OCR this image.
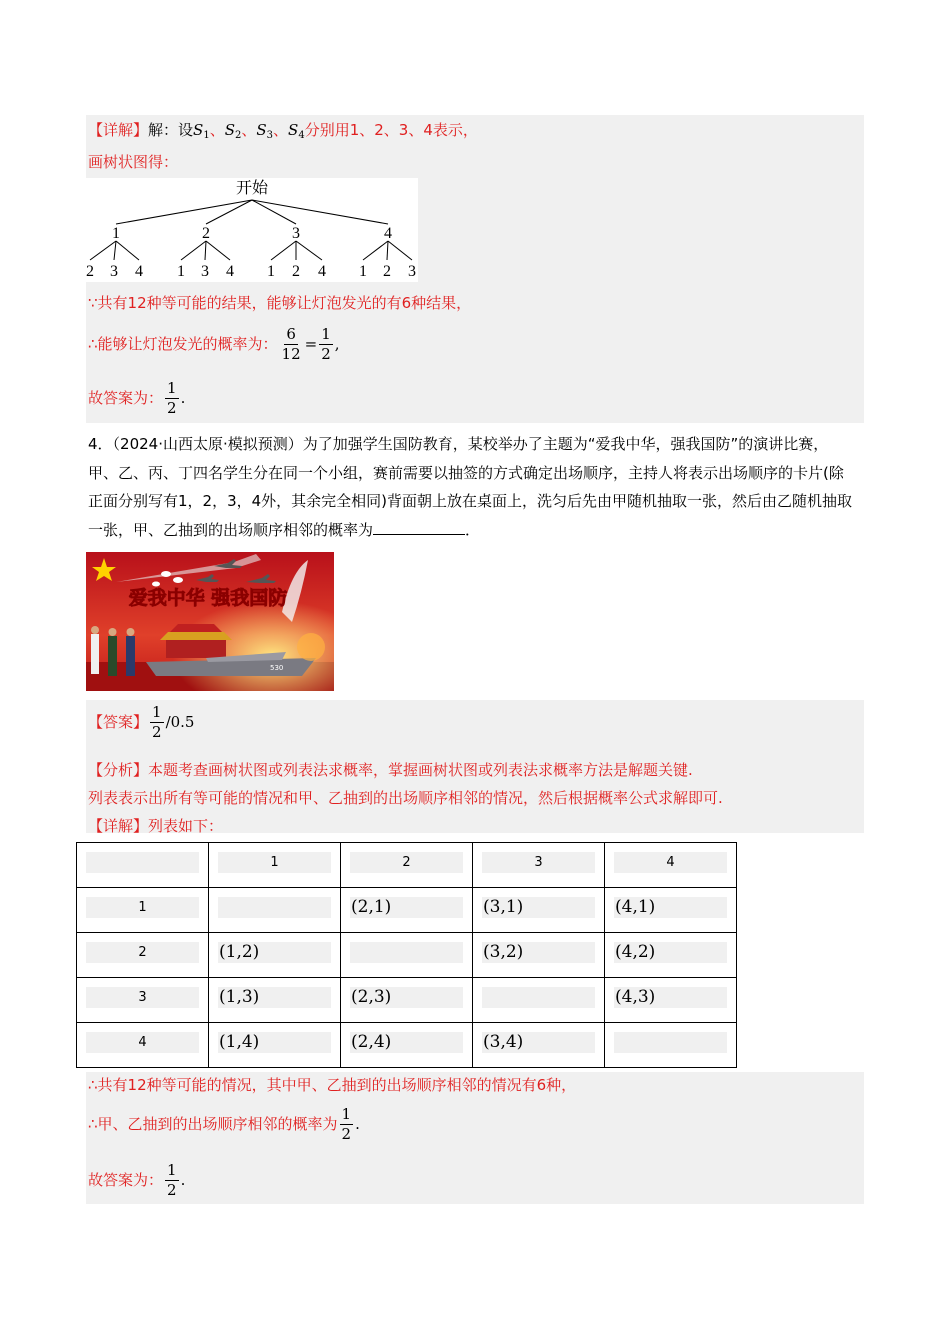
【详解】解：设$S_1$、$S_2$、$S_3$、$S_4$分别用1、2、3、4表示，
画树状图得：
开始
1	2	3	4
2 3 4 1 3 4 1 2 4 1 2 3
∵共有12种等可能的结果，能够让灯泡发光的有6种结果，
∴能够让灯泡发光的概率为： $\frac{6}{12} = \frac{1}{2}$ ,
故答案为： $\frac{1}{2}$ .
4．（2024·山西太原·模拟预测）为了加强学生国防教育，某校举办了主题为“爱我中华，强我国防”的演讲比赛，甲、乙、丙、丁四名学生分在同一个小组，赛前需要以抽签的方式确定出场顺序，主持人将表示出场顺序的卡片(除正面分别写有1，2，3，4外，其余完全相同)背面朝上放在桌面上，洗匀后先由甲随机抽取一张，然后由乙随机抽取一张，甲、乙抽到的出场顺序相邻的概率为	．
爱我中华 强我国防
530
【答案】 $\frac{1}{2} /0.5$
【分析】本题考查画树状图或列表法求概率，掌握画树状图或列表法求概率方法是解题关键.
列表表示出所有等可能的情况和甲、乙抽到的出场顺序相邻的情况，然后根据概率公式求解即可.
【详解】列表如下：

	1	2	3	4

1		(2,1)	(3,1)	(4,1)

2	(1,2)		(3,2)	(4,2)

3	(1,3)	(2,3)		(4,3)

4	(1,4)	(2,4)	(3,4)	

∴共有12种等可能的情况，其中甲、乙抽到的出场顺序相邻的情况有6种，
∴甲、乙抽到的出场顺序相邻的概率为 $\frac{1}{2}$ .
故答案为： $\frac{1}{2}$ .
